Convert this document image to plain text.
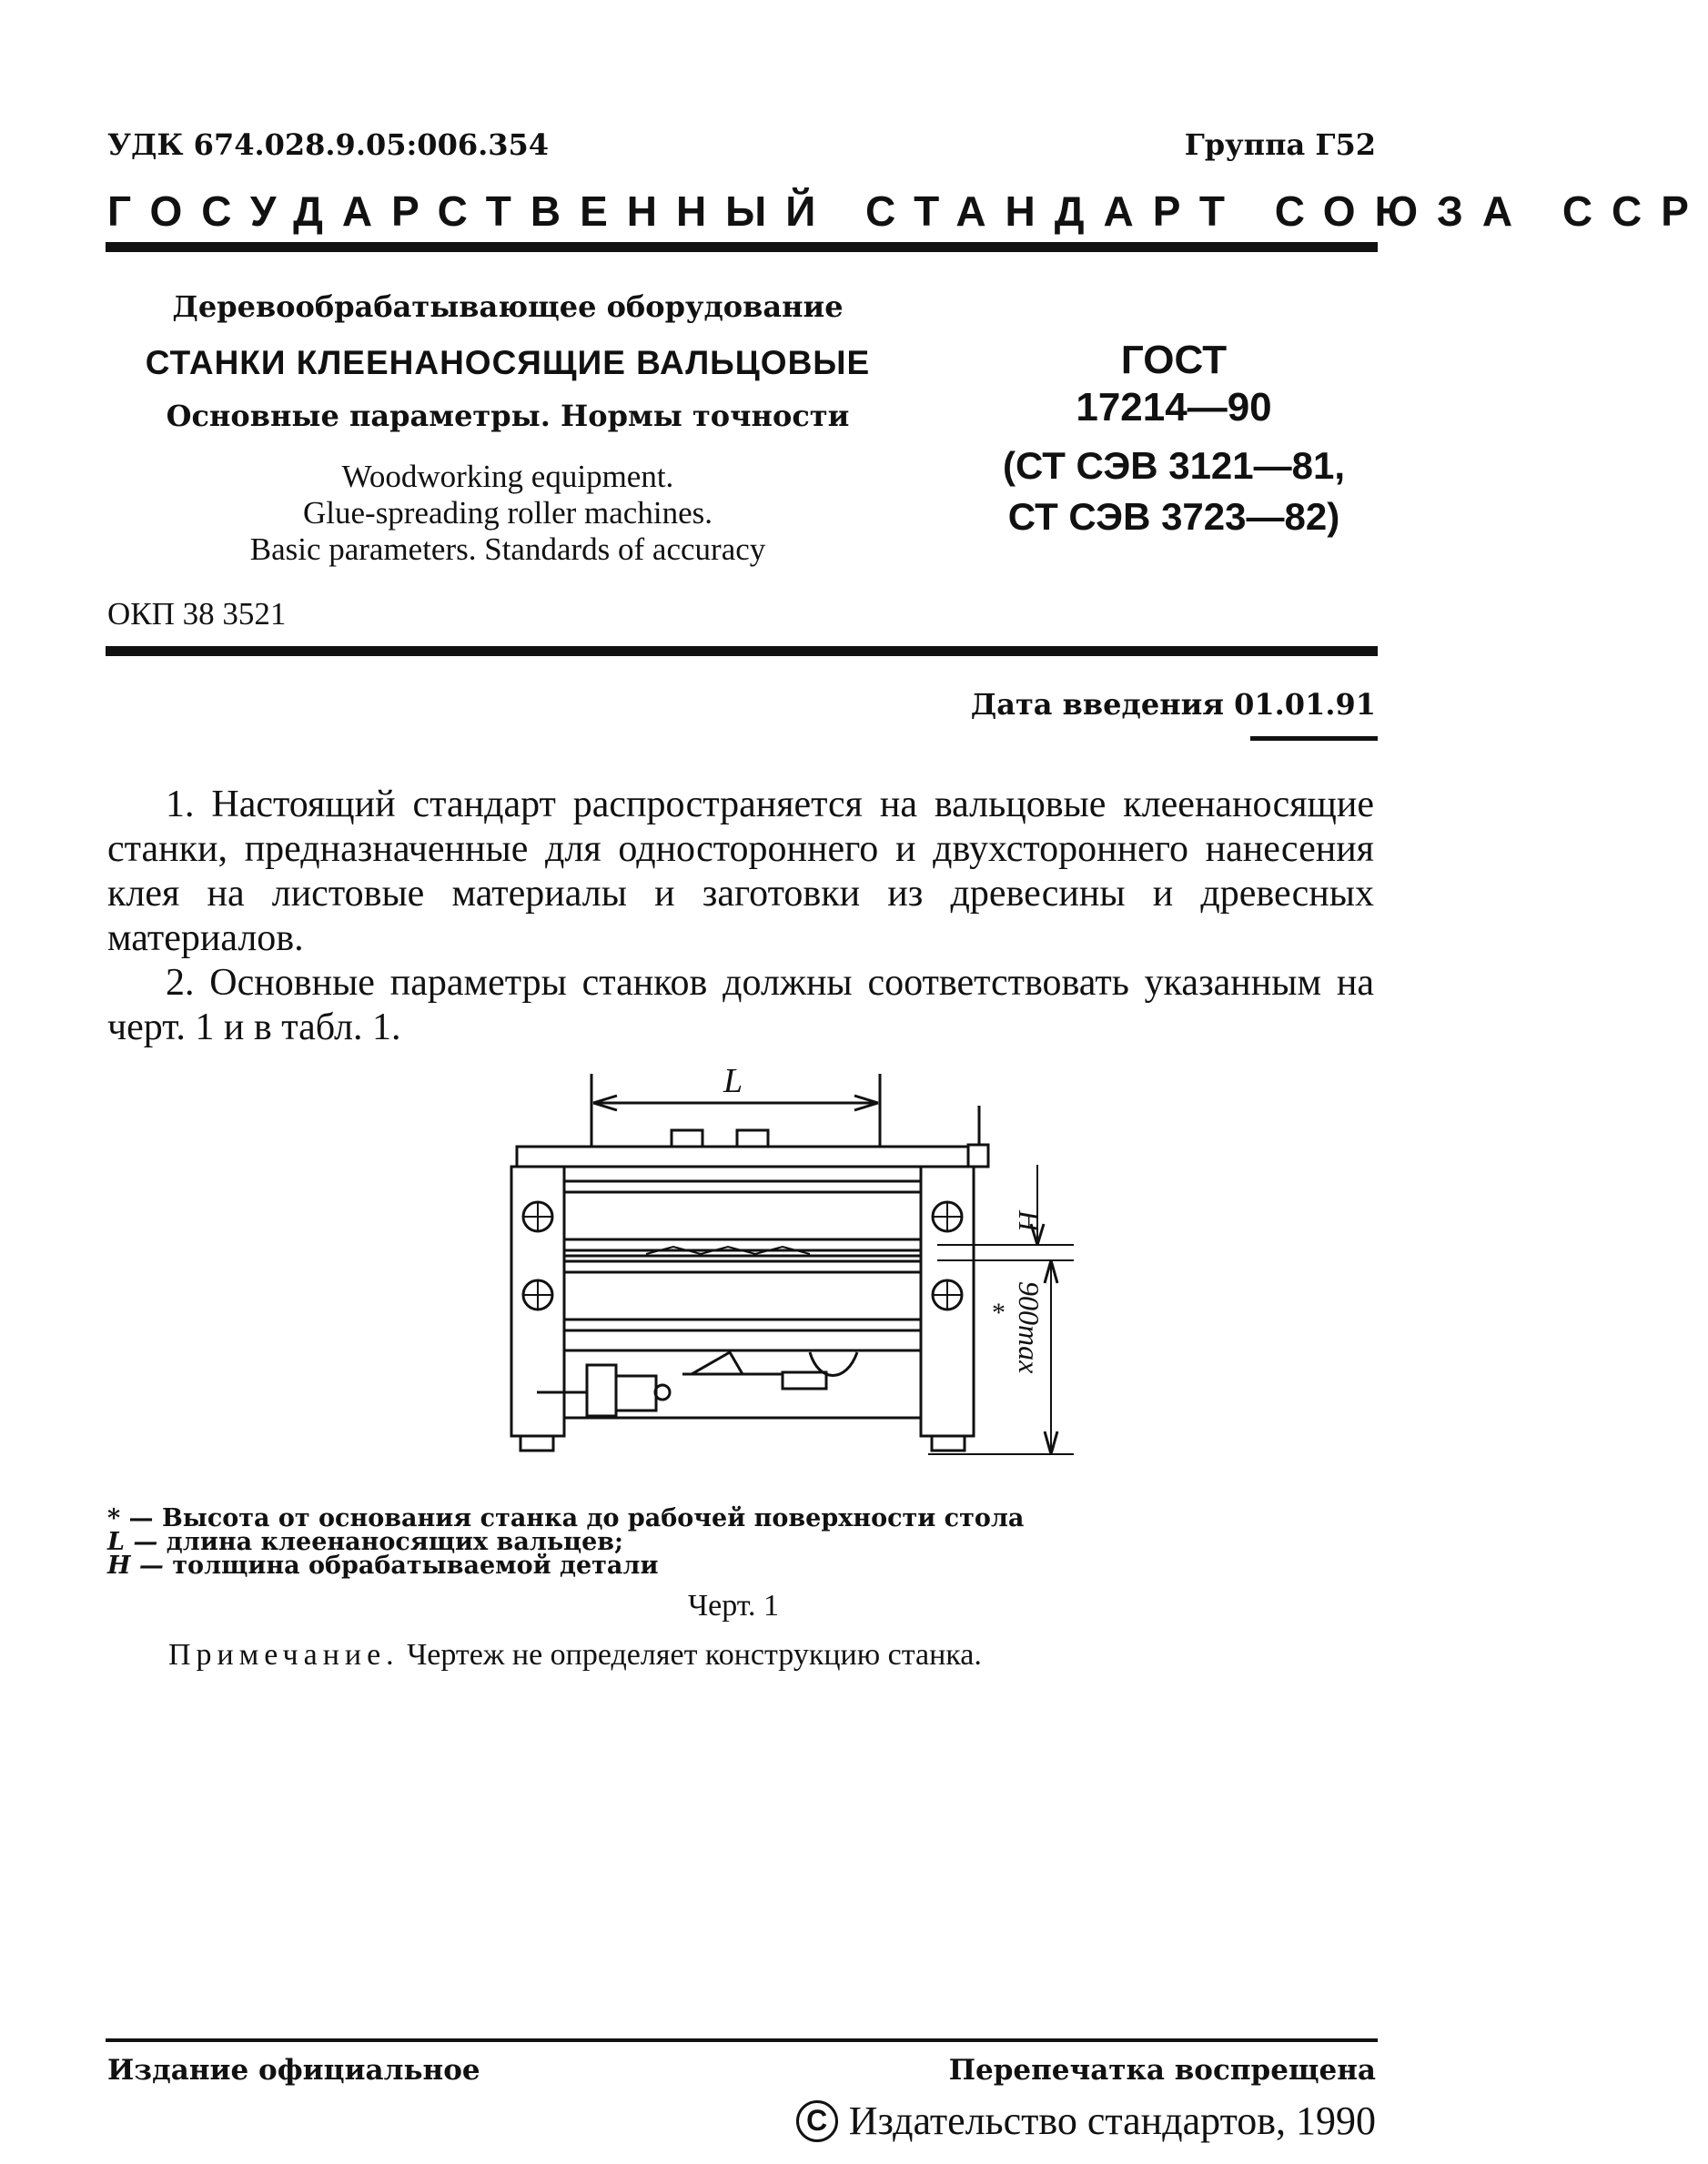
УДК 674.028.9.05:006.354	Группа Г52
ГОСУДАРСТВЕННЫЙ СТАНДАРТ СОЮЗА ССР
Деревообрабатывающее оборудование
СТАНКИ КЛЕЕНАНОСЯЩИЕ ВАЛЬЦОВЫЕ
Основные параметры. Нормы точности
Woodworking equipment.
Glue-spreading roller machines.
Basic parameters. Standards of accuracy
ГОСТ
17214—90
(СТ СЭВ 3121—81,
СТ СЭВ 3723—82)
ОКП 38 3521
Дата введения 01.01.91

1. Настоящий стандарт распространяется на вальцовые клеенаносящие станки, предназначенные для одностороннего и двухстороннего нанесения клея на листовые материалы и заготовки из древесины и древесных материалов.

2. Основные параметры станков должны соответствовать указанным на черт. 1 и в табл. 1.

L
H
900max
*
* — Высота от основания станка до рабочей поверхности стола
L — длина клеенаносящих вальцев;
H — толщина обрабатываемой детали
Черт. 1
Примечание. Чертеж не определяет конструкцию станка.
Издание официальное	Перепечатка воспрещена
C Издательство стандартов, 1990
